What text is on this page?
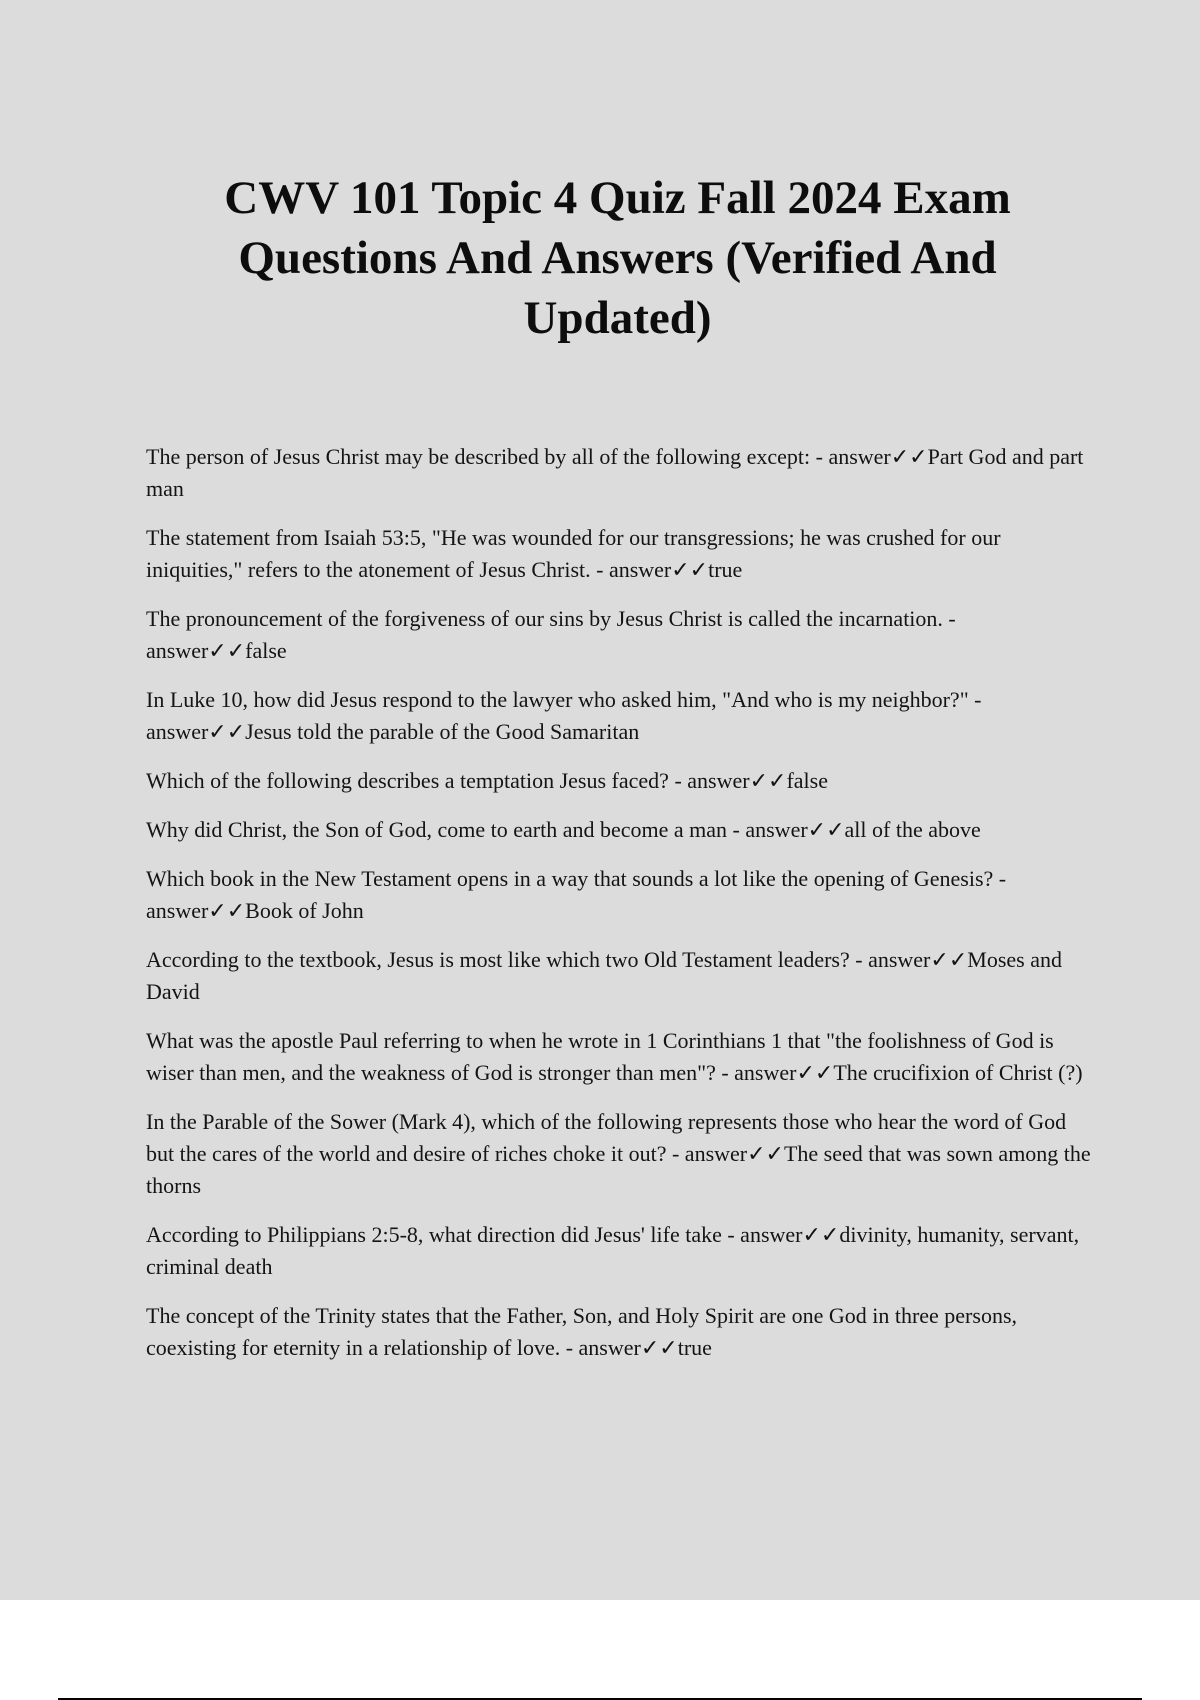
CWV 101 Topic 4 Quiz Fall 2024 Exam Questions And Answers (Verified And Updated)
The person of Jesus Christ may be described by all of the following except: - answer✓✓Part God and part man
The statement from Isaiah 53:5, "He was wounded for our transgressions; he was crushed for our iniquities," refers to the atonement of Jesus Christ. - answer✓✓true
The pronouncement of the forgiveness of our sins by Jesus Christ is called the incarnation. - answer✓✓false
In Luke 10, how did Jesus respond to the lawyer who asked him, "And who is my neighbor?" - answer✓✓Jesus told the parable of the Good Samaritan
Which of the following describes a temptation Jesus faced? - answer✓✓false
Why did Christ, the Son of God, come to earth and become a man - answer✓✓all of the above
Which book in the New Testament opens in a way that sounds a lot like the opening of Genesis? - answer✓✓Book of John
According to the textbook, Jesus is most like which two Old Testament leaders? - answer✓✓Moses and David
What was the apostle Paul referring to when he wrote in 1 Corinthians 1 that "the foolishness of God is wiser than men, and the weakness of God is stronger than men"? - answer✓✓The crucifixion of Christ (?)
In the Parable of the Sower (Mark 4), which of the following represents those who hear the word of God but the cares of the world and desire of riches choke it out? - answer✓✓The seed that was sown among the thorns
According to Philippians 2:5-8, what direction did Jesus' life take - answer✓✓divinity, humanity, servant, criminal death
The concept of the Trinity states that the Father, Son, and Holy Spirit are one God in three persons, coexisting for eternity in a relationship of love. - answer✓✓true
